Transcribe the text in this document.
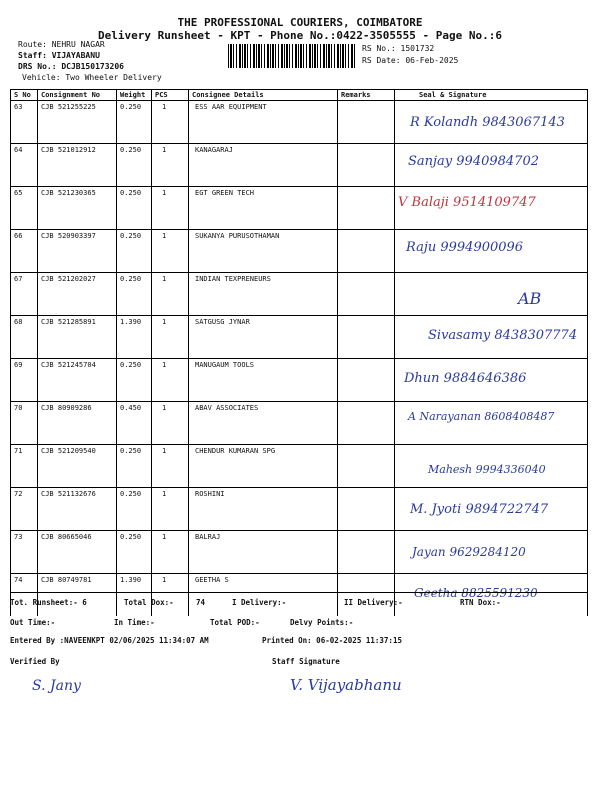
THE PROFESSIONAL COURIERS, COIMBATORE
Delivery Runsheet - KPT - Phone No.:0422-3505555 - Page No.:6
Route: NEHRU NAGAR
Staff: VIJAYABANU
DRS No.: DCJB150173206
Vehicle: Two Wheeler Delivery
RS No.: 1501732
RS Date: 06-Feb-2025
S No	Consignment No	Weight	PCS	Consignee Details	Remarks	Seal & Signature
63	CJB 521255225	0.250	1	ESS AAR EQUIPMENT		R Kolandh 9843067143

64	CJB 521012912	0.250	1	KANAGARAJ		Sanjay 9940984702

65	CJB 521230365	0.250	1	EGT GREEN TECH		V Balaji 9514109747

66	CJB 520903397	0.250	1	SUKANYA PURUSOTHAMAN		Raju 9994900096

67	CJB 521202027	0.250	1	INDIAN TEXPRENEURS		AB

68	CJB 521285891	1.390	1	SATGUSG JYNAR		Sivasamy 8438307774

69	CJB 521245704	0.250	1	MANUGAUM TOOLS		Dhun 9884646386

70	CJB 80909286	0.450	1	ABAV ASSOCIATES		A Narayanan 8608408487

71	CJB 521209540	0.250	1	CHENDUR KUMARAN SPG		Mahesh 9994336040

72	CJB 521132676	0.250	1	ROSHINI		M. Jyoti 9894722747

73	CJB 80665046	0.250	1	BALRAJ		Jayan 9629284120

74	CJB 80749781	1.390	1	GEETHA S		Geetha 8825591230
Tot. Runsheet:- 6	Total Dox:-	74	I Delivery:-	II Delivery:-	RTN Dox:-
Out Time:-	In Time:-	Total POD:-	Delvy Points:-
Entered By :NAVEENKPT 02/06/2025 11:34:07 AM	Printed On: 06-02-2025 11:37:15
Verified By	Staff Signature
S. Jany	V. Vijayabhanu
